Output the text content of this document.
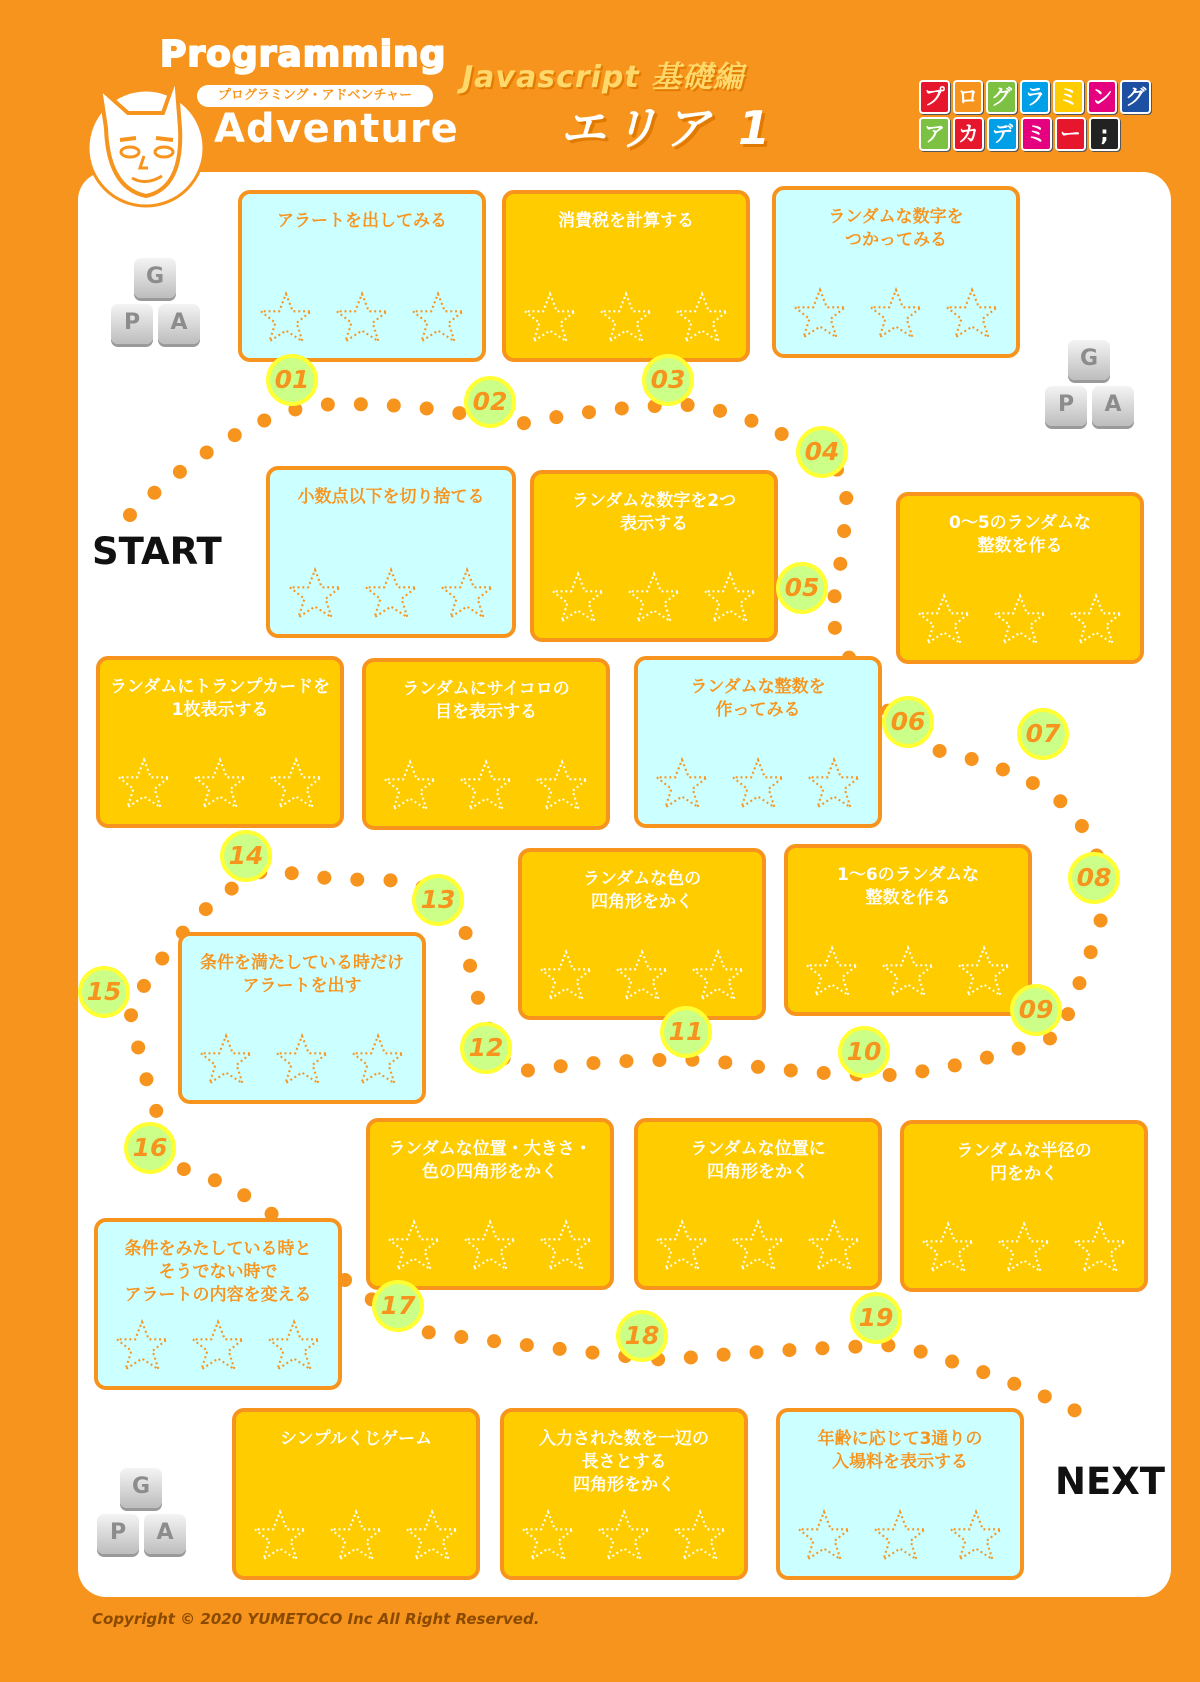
Programming
プログラミング・アドベンチャー
Adventure
Javascript 基礎編
エリア 1
プ ロ グ ラ ミ ン グ
ア カ デ ミ ー ;
G
P	A
G
P	A
G
P	A
アラートを出してみる
01
小数点以下を切り捨てる
02
消費税を計算する
03
ランダムな数字を
つかってみる
04
ランダムな数字を2つ
表示する
05
ランダムな整数を
作ってみる	06
0～5のランダムな
整数を作る
07
1～6のランダムな
整数を作る
08
ランダムな半径の
円をかく
09
ランダムな位置に
四角形をかく
10
ランダムな色の
四角形をかく
11
ランダムな位置・大きさ・
色の四角形をかく
12
ランダムにサイコロの
目を表示する
13
ランダムにトランプカードを
1枚表示する
14
条件を満たしている時だけ
アラートを出す
15
条件をみたしている時と
そうでない時で
アラートの内容を変える
16
シンプルくじゲーム
17
入力された数を一辺の
長さとする
四角形をかく
18
年齢に応じて3通りの
入場料を表示する
19
START
NEXT
Copyright © 2020 YUMETOCO Inc All Right Reserved.
